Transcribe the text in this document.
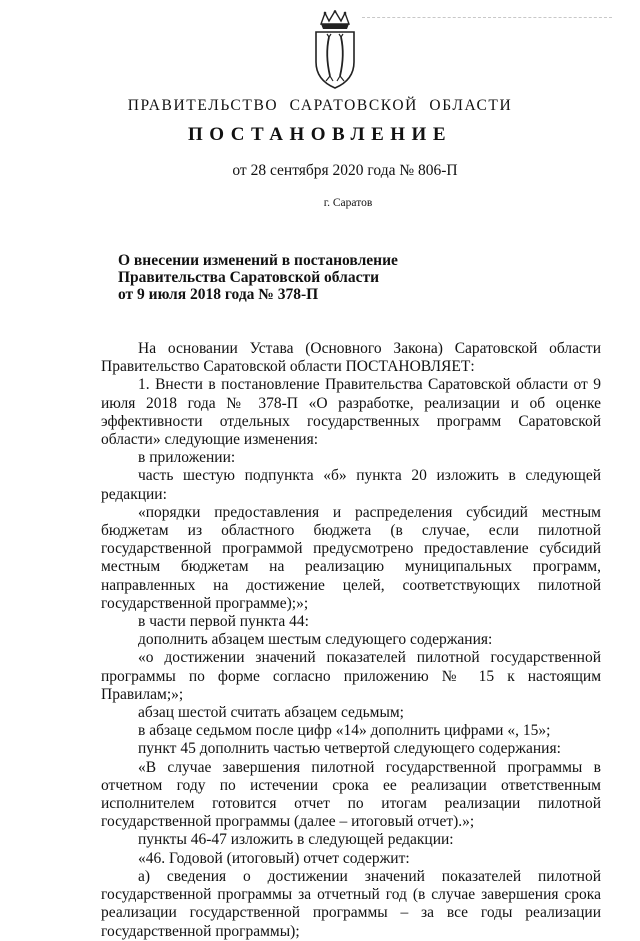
ПРАВИТЕЛЬСТВО САРАТОВСКОЙ ОБЛАСТИ
ПОСТАНОВЛЕНИЕ
от 28 сентября 2020 года № 806-П
г. Саратов
О внесении изменений в постановление
Правительства Саратовской области
от 9 июля 2018 года № 378-П

На основании Устава (Основного Закона) Саратовской области Правительство Саратовской области ПОСТАНОВЛЯЕТ:

1. Внести в постановление Правительства Саратовской области от 9 июля 2018 года № 378-П «О разработке, реализации и об оценке эффективности отдельных государственных программ Саратовской области» следующие изменения:

в приложении:

часть шестую подпункта «б» пункта 20 изложить в следующей редакции:

«порядки предоставления и распределения субсидий местным бюджетам из областного бюджета (в случае, если пилотной государственной программой предусмотрено предоставление субсидий местным бюджетам на реализацию муниципальных программ, направленных на достижение целей, соответствующих пилотной государственной программе);»;

в части первой пункта 44:

дополнить абзацем шестым следующего содержания:

«о достижении значений показателей пилотной государственной программы по форме согласно приложению № 15 к настоящим Правилам;»;

абзац шестой считать абзацем седьмым;

в абзаце седьмом после цифр «14» дополнить цифрами «, 15»;

пункт 45 дополнить частью четвертой следующего содержания:

«В случае завершения пилотной государственной программы в отчетном году по истечении срока ее реализации ответственным исполнителем готовится отчет по итогам реализации пилотной государственной программы (далее – итоговый отчет).»;

пункты 46-47 изложить в следующей редакции:

«46. Годовой (итоговый) отчет содержит:

а) сведения о достижении значений показателей пилотной государственной программы за отчетный год (в случае завершения срока реализации государственной программы – за все годы реализации государственной программы);
